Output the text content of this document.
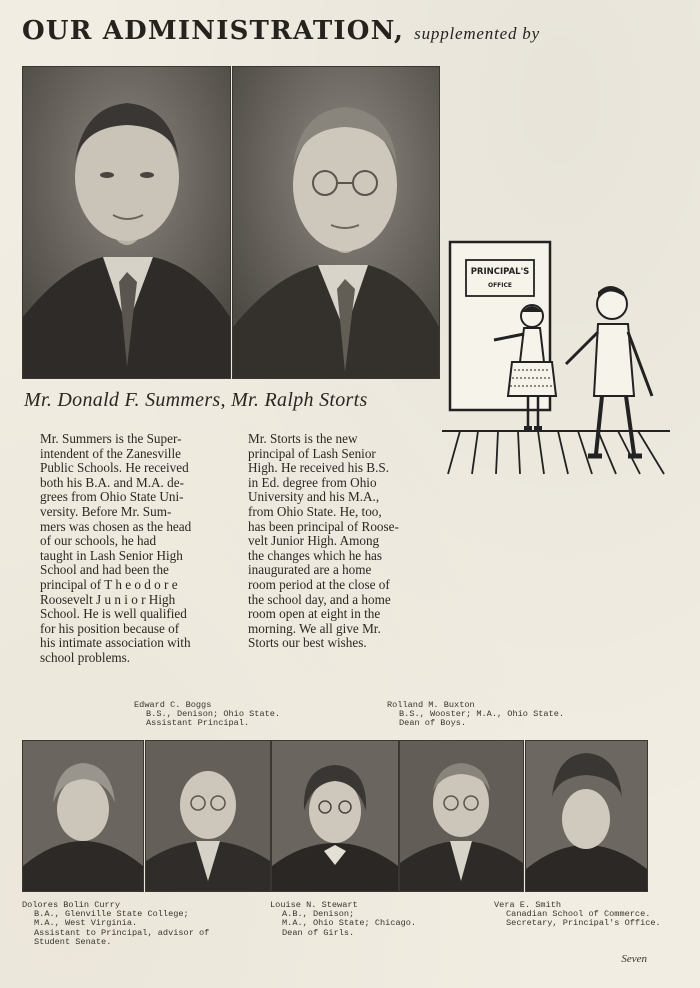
OUR ADMINISTRATION, supplemented by
Mr. Donald F. Summers, Mr. Ralph Storts
PRINCIPAL'S
OFFICE
Mr. Summers is the Super-
intendent of the Zanesville
Public Schools. He received
both his B.A. and M.A. de-
grees from Ohio State Uni-
versity. Before Mr. Sum-
mers was chosen as the head
of our schools, he had
taught in Lash Senior High
School and had been the
principal of T h e o d o r e
Roosevelt J u n i o r High
School. He is well qualified
for his position because of
his intimate association with
school problems.
Mr. Storts is the new
principal of Lash Senior
High. He received his B.S.
in Ed. degree from Ohio
University and his M.A.,
from Ohio State. He, too,
has been principal of Roose-
velt Junior High. Among
the changes which he has
inaugurated are a home
room period at the close of
the school day, and a home
room open at eight in the
morning. We all give Mr.
Storts our best wishes.
Edward C. Boggs
B.S., Denison; Ohio State.
Assistant Principal.
Rolland M. Buxton
B.S., Wooster; M.A., Ohio State.
Dean of Boys.
Dolores Bolin Curry
B.A., Glenville State College;
M.A., West Virginia.
Assistant to Principal, advisor of
Student Senate.
Louise N. Stewart
A.B., Denison;
M.A., Ohio State; Chicago.
Dean of Girls.
Vera E. Smith
Canadian School of Commerce.
Secretary, Principal's Office.
Seven
